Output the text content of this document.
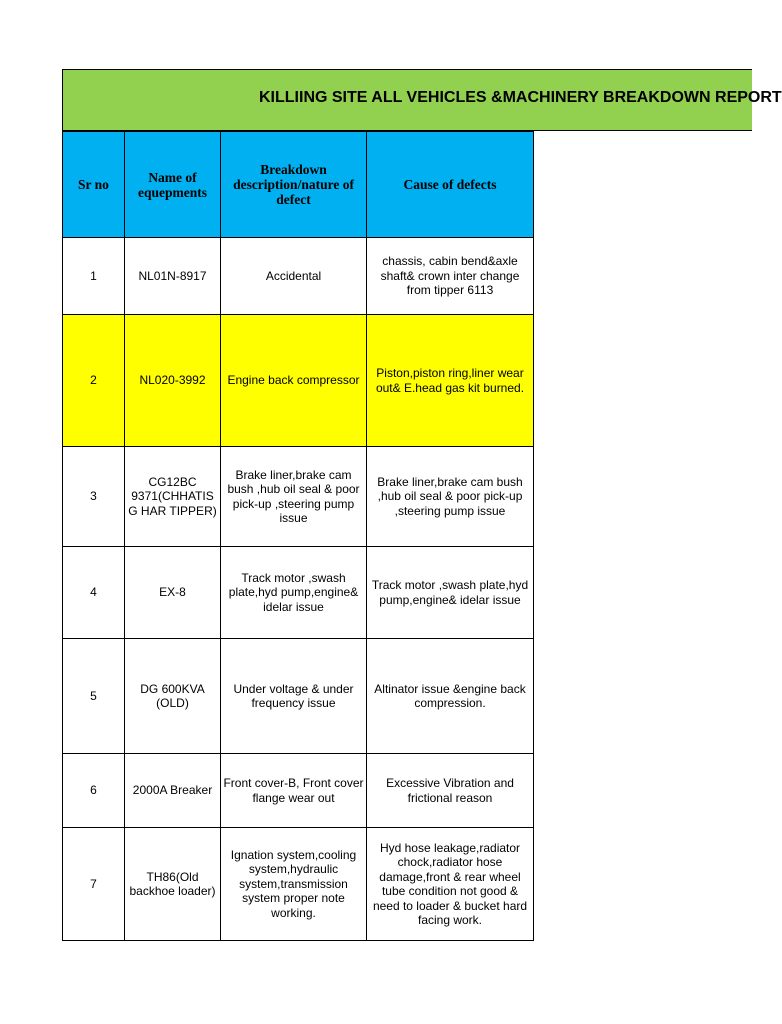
KILLIING SITE ALL VEHICLES &MACHINERY BREAKDOWN REPORT
Sr no	Name of equepments	Breakdown description/nature of defect	Cause of defects
1	NL01N-8917	Accidental	chassis, cabin bend&axle shaft& crown inter change from tipper 6113
2	NL020-3992	Engine back compressor	Piston,piston ring,liner wear out& E.head gas kit burned.
3	CG12BC 9371(CHHATISG HAR TIPPER)	Brake liner,brake cam bush ,hub oil seal & poor pick-up ,steering pump issue	Brake liner,brake cam bush ,hub oil seal & poor pick-up ,steering pump issue
4	EX-8	Track motor ,swash plate,hyd pump,engine& idelar issue	Track motor ,swash plate,hyd pump,engine& idelar issue
5	DG 600KVA (OLD)	Under voltage & under frequency issue	Altinator issue &engine back compression.
6	2000A Breaker	Front cover-B, Front cover flange wear out	Excessive Vibration and frictional reason
7	TH86(Old backhoe loader)	Ignation system,cooling system,hydraulic system,transmission system proper note working.	Hyd hose leakage,radiator chock,radiator hose damage,front & rear wheel tube condition not good & need to loader & bucket hard facing work.
